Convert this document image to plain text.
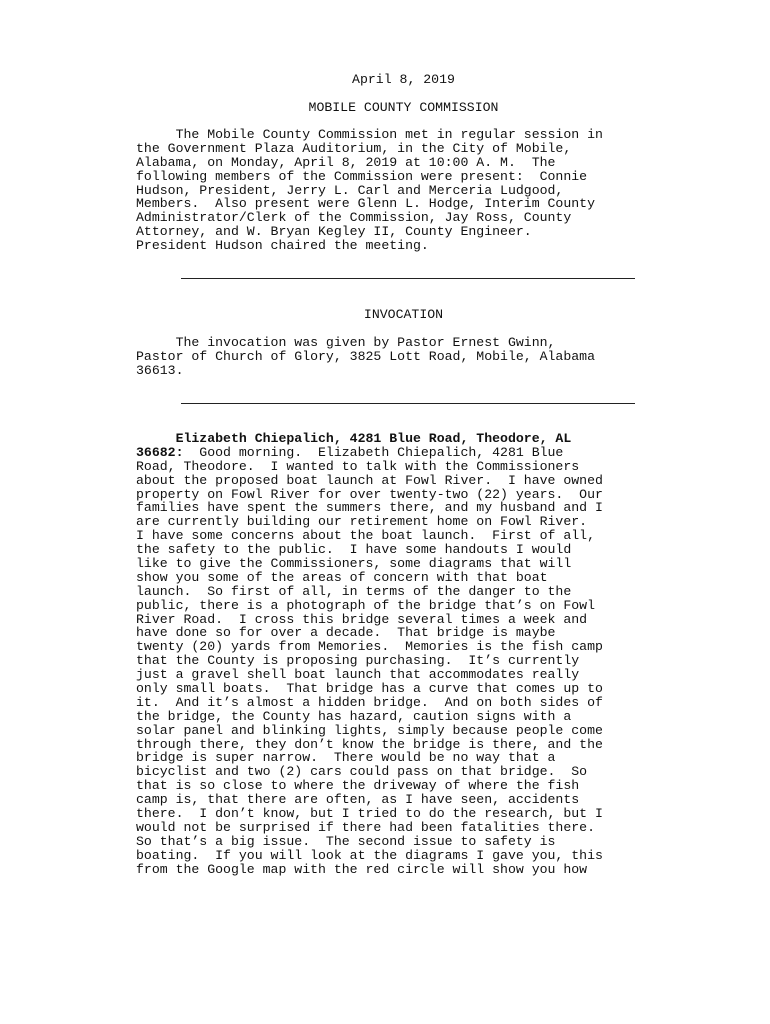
April 8, 2019
MOBILE COUNTY COMMISSION
The Mobile County Commission met in regular session in
the Government Plaza Auditorium, in the City of Mobile,
Alabama, on Monday, April 8, 2019 at 10:00 A. M.  The
following members of the Commission were present:  Connie
Hudson, President, Jerry L. Carl and Merceria Ludgood,
Members.  Also present were Glenn L. Hodge, Interim County
Administrator/Clerk of the Commission, Jay Ross, County
Attorney, and W. Bryan Kegley II, County Engineer.
President Hudson chaired the meeting.
INVOCATION
The invocation was given by Pastor Ernest Gwinn,
Pastor of Church of Glory, 3825 Lott Road, Mobile, Alabama
36613.
Elizabeth Chiepalich, 4281 Blue Road, Theodore, AL
36682:  Good morning.  Elizabeth Chiepalich, 4281 Blue
Road, Theodore.  I wanted to talk with the Commissioners
about the proposed boat launch at Fowl River.  I have owned
property on Fowl River for over twenty-two (22) years.  Our
families have spent the summers there, and my husband and I
are currently building our retirement home on Fowl River.
I have some concerns about the boat launch.  First of all,
the safety to the public.  I have some handouts I would
like to give the Commissioners, some diagrams that will
show you some of the areas of concern with that boat
launch.  So first of all, in terms of the danger to the
public, there is a photograph of the bridge that’s on Fowl
River Road.  I cross this bridge several times a week and
have done so for over a decade.  That bridge is maybe
twenty (20) yards from Memories.  Memories is the fish camp
that the County is proposing purchasing.  It’s currently
just a gravel shell boat launch that accommodates really
only small boats.  That bridge has a curve that comes up to
it.  And it’s almost a hidden bridge.  And on both sides of
the bridge, the County has hazard, caution signs with a
solar panel and blinking lights, simply because people come
through there, they don’t know the bridge is there, and the
bridge is super narrow.  There would be no way that a
bicyclist and two (2) cars could pass on that bridge.  So
that is so close to where the driveway of where the fish
camp is, that there are often, as I have seen, accidents
there.  I don’t know, but I tried to do the research, but I
would not be surprised if there had been fatalities there.
So that’s a big issue.  The second issue to safety is
boating.  If you will look at the diagrams I gave you, this
from the Google map with the red circle will show you how
